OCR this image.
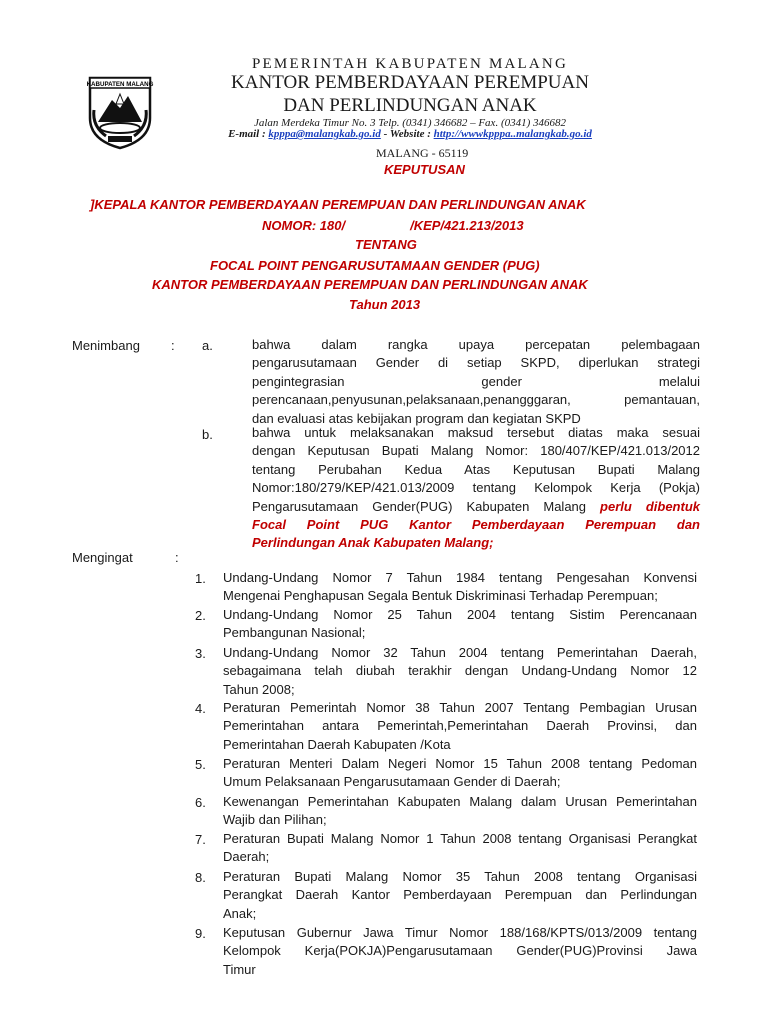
KABUPATEN MALANG
PEMERINTAH KABUPATEN MALANG
KANTOR PEMBERDAYAAN PEREMPUAN
DAN PERLINDUNGAN ANAK
Jalan Merdeka Timur No. 3 Telp. (0341) 346682 – Fax. (0341) 346682
E-mail : kpppa@malangkab.go.id - Website : http://wwwkpppa..malangkab.go.id
MALANG - 65119
KEPUTUSAN
]KEPALA KANTOR PEMBERDAYAAN PEREMPUAN DAN PERLINDUNGAN ANAK
NOMOR: 180/                  /KEP/421.213/2013
TENTANG
FOCAL POINT PENGARUSUTAMAAN GENDER (PUG)
KANTOR PEMBERDAYAAN PEREMPUAN DAN PERLINDUNGAN ANAK
Tahun 2013
Menimbang : a.	bahwa dalam rangka upaya percepatan pelembagaan
pengarusutamaan Gender di setiap SKPD, diperlukan strategi
pengintegrasian gender melalui
perencanaan,penyusunan,pelaksanaan,penangggaran, pemantauan,
dan evaluasi atas kebijakan program dan kegiatan SKPD
b.	bahwa untuk melaksanakan maksud tersebut diatas maka sesuai
dengan Keputusan Bupati Malang Nomor: 180/407/KEP/421.013/2012
tentang Perubahan Kedua Atas Keputusan Bupati Malang
Nomor:180/279/KEP/421.013/2009 tentang Kelompok Kerja (Pokja)
Pengarusutamaan Gender(PUG) Kabupaten Malang perlu dibentuk
Focal Point PUG Kantor Pemberdayaan Perempuan dan
Perlindungan Anak Kabupaten Malang;
Mengingat	:
1.	Undang-Undang Nomor 7 Tahun 1984 tentang Pengesahan Konvensi
Mengenai Penghapusan Segala Bentuk Diskriminasi Terhadap Perempuan;
2.	Undang-Undang Nomor 25 Tahun 2004 tentang Sistim Perencanaan
Pembangunan Nasional;
3.	Undang-Undang Nomor 32 Tahun 2004 tentang Pemerintahan Daerah,
sebagaimana telah diubah terakhir dengan Undang-Undang Nomor 12
Tahun 2008;
4.	Peraturan Pemerintah Nomor 38 Tahun 2007 Tentang Pembagian Urusan
Pemerintahan antara Pemerintah,Pemerintahan Daerah Provinsi, dan
Pemerintahan Daerah Kabupaten /Kota
5.	Peraturan Menteri Dalam Negeri Nomor 15 Tahun 2008 tentang Pedoman
Umum Pelaksanaan Pengarusutamaan Gender di Daerah;
6.	Kewenangan Pemerintahan Kabupaten Malang dalam Urusan Pemerintahan
Wajib dan Pilihan;
7.	Peraturan Bupati Malang Nomor 1 Tahun 2008 tentang Organisasi Perangkat
Daerah;
8.	Peraturan Bupati Malang Nomor 35 Tahun 2008 tentang Organisasi
Perangkat Daerah Kantor Pemberdayaan Perempuan dan Perlindungan
Anak;
9.	Keputusan Gubernur Jawa Timur Nomor 188/168/KPTS/013/2009 tentang
Kelompok Kerja(POKJA)Pengarusutamaan Gender(PUG)Provinsi Jawa
Timur
